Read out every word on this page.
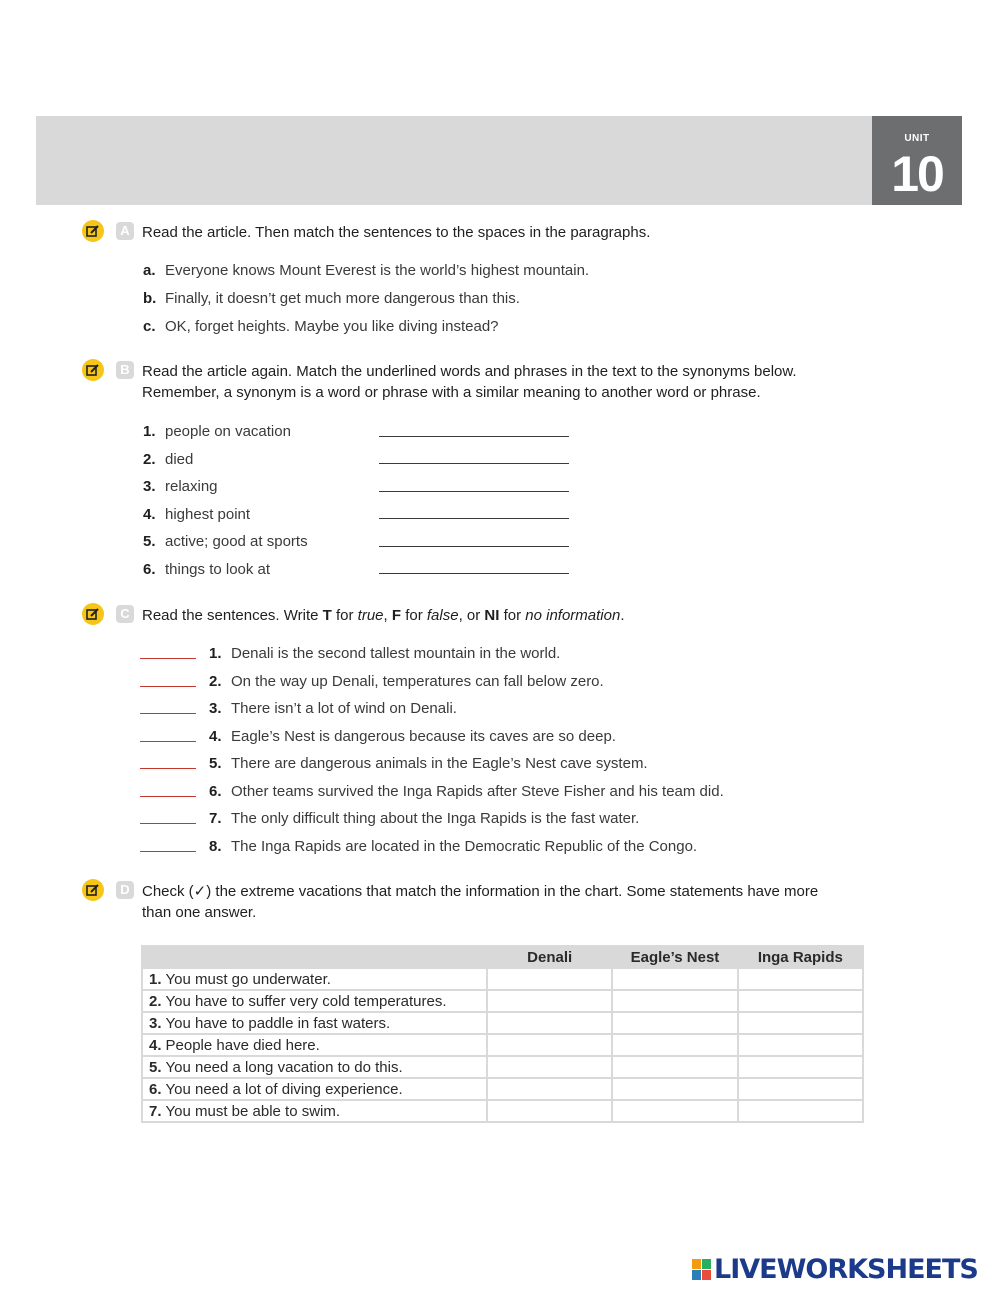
UNIT
10
A Read the article. Then match the sentences to the spaces in the paragraphs.
a. Everyone knows Mount Everest is the world’s highest mountain.
b. Finally, it doesn’t get much more dangerous than this.
c. OK, forget heights. Maybe you like diving instead?
B Read the article again. Match the underlined words and phrases in the text to the synonyms below.
Remember, a synonym is a word or phrase with a similar meaning to another word or phrase.
1. people on vacation
2. died
3. relaxing
4. highest point
5. active; good at sports
6. things to look at
C Read the sentences. Write T for true, F for false, or NI for no information.
1. Denali is the second tallest mountain in the world.
2. On the way up Denali, temperatures can fall below zero.
3. There isn’t a lot of wind on Denali.
4. Eagle’s Nest is dangerous because its caves are so deep.
5. There are dangerous animals in the Eagle’s Nest cave system.
6. Other teams survived the Inga Rapids after Steve Fisher and his team did.
7. The only difficult thing about the Inga Rapids is the fast water.
8. The Inga Rapids are located in the Democratic Republic of the Congo.
D Check (✓) the extreme vacations that match the information in the chart. Some statements have more
than one answer.
	Denali	Eagle’s Nest	Inga Rapids
1. You must go underwater.			
2. You have to suffer very cold temperatures.			
3. You have to paddle in fast waters.			
4. People have died here.			
5. You need a long vacation to do this.			
6. You need a lot of diving experience.			
7. You must be able to swim.			
LIVEWORKSHEETS
